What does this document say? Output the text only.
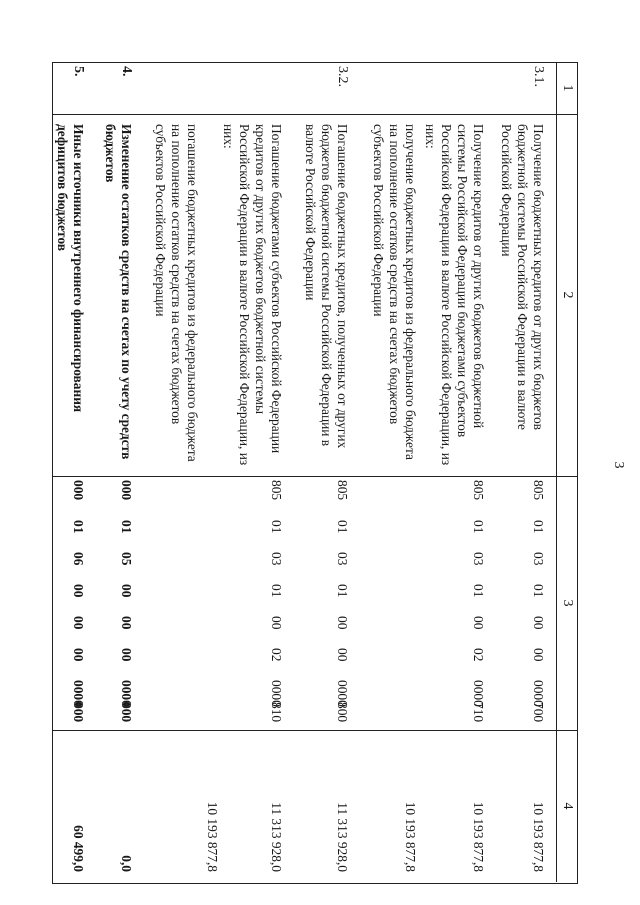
3
1
2
3
4
3.1.
Получение бюджетных кредитов от других бюджетов бюджетной системы Российской Федерации в валюте Российской Федерации
805
01
03
01
00
00
0000
700
10 193 877,8
Получение кредитов от других бюджетов бюджетной системы Российской Федерации бюджетами субъектов Российской Федерации в валюте Российской Федерации, из них:
805
01
03
01
00
02
0000
710
10 193 877,8
получение бюджетных кредитов из федерального бюджета на пополнение остатков средств на счетах бюджетов субъектов Российской Федерации
10 193 877,8
3.2.
Погашение бюджетных кредитов, полученных от других бюджетов бюджетной системы Российской Федерации в валюте Российской Федерации
805
01
03
01
00
00
0000
800
11 313 928,0
Погашение бюджетами субъектов Российской Федерации кредитов от других бюджетов бюджетной системы Российской Федерации в валюте Российской Федерации, из них:
805
01
03
01
00
02
0000
810
11 313 928,0
погашение бюджетных кредитов из федерального бюджета на пополнение остатков средств на счетах бюджетов субъектов Российской Федерации
10 193 877,8
4.
Изменение остатков средств на счетах по учету средств бюджетов
000
01
05
00
00
00
0000
000
0,0
5.
Иные источники внутреннего финансирования дефицитов бюджетов
000
01
06
00
00
00
0000
000
60 499,0
